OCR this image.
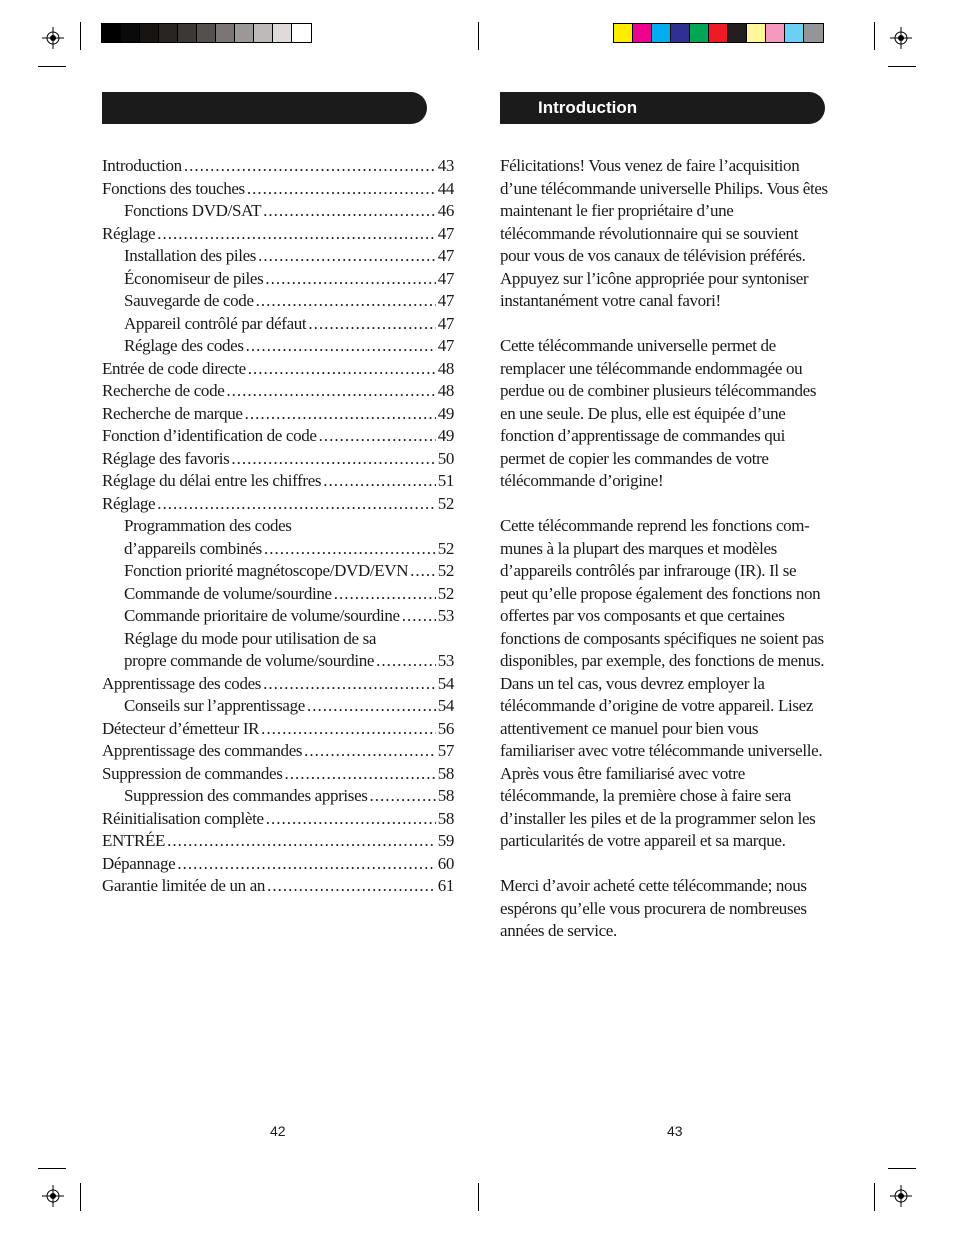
Introduction
Introduction .....	43
Fonctions des touches .....	44
Fonctions DVD/SAT .....	46
Réglage .....	47
Installation des piles .....	47
Économiseur de piles .....	47
Sauvegarde de code .....	47
Appareil contrôlé par défaut .....	47
Réglage des codes .....	47
Entrée de code directe .....	48
Recherche de code .....	48
Recherche de marque .....	49
Fonction d’identification de code .....	49
Réglage des favoris .....	50
Réglage du délai entre les chiffres .....	51
Réglage .....	52
Programmation des codes
d’appareils combinés .....	52
Fonction priorité magnétoscope/DVD/EVN ..... 52
Commande de volume/sourdine .....	52
Commande prioritaire de volume/sourdine ..... 53
Réglage du mode pour utilisation de sa
propre commande de volume/sourdine .....	53
Apprentissage des codes .....	54
Conseils sur l’apprentissage .....	54
Détecteur d’émetteur IR .....	56
Apprentissage des commandes .....	57
Suppression de commandes .....	58
Suppression des commandes apprises .....	58
Réinitialisation complète .....	58
ENTRÉE .....	59
Dépannage .....	60
Garantie limitée de un an .....	61

Félicitations! Vous venez de faire l’acquisition
d’une télécommande universelle Philips. Vous êtes
maintenant le fier propriétaire d’une
télécommande révolutionnaire qui se souvient
pour vous de vos canaux de télévision préférés.
Appuyez sur l’icône appropriée pour syntoniser
instantanément votre canal favori!

Cette télécommande universelle permet de
remplacer une télécommande endommagée ou
perdue ou de combiner plusieurs télécommandes
en une seule. De plus, elle est équipée d’une
fonction d’apprentissage de commandes qui
permet de copier les commandes de votre
télécommande d’origine!

Cette télécommande reprend les fonctions com-
munes à la plupart des marques et modèles
d’appareils contrôlés par infrarouge (IR). Il se
peut qu’elle propose également des fonctions non
offertes par vos composants et que certaines
fonctions de composants spécifiques ne soient pas
disponibles, par exemple, des fonctions de menus.
Dans un tel cas, vous devrez employer la
télécommande d’origine de votre appareil. Lisez
attentivement ce manuel pour bien vous
familiariser avec votre télécommande universelle.
Après vous être familiarisé avec votre
télécommande, la première chose à faire sera
d’installer les piles et de la programmer selon les
particularités de votre appareil et sa marque.

Merci d’avoir acheté cette télécommande; nous
espérons qu’elle vous procurera de nombreuses
années de service.

42	43
